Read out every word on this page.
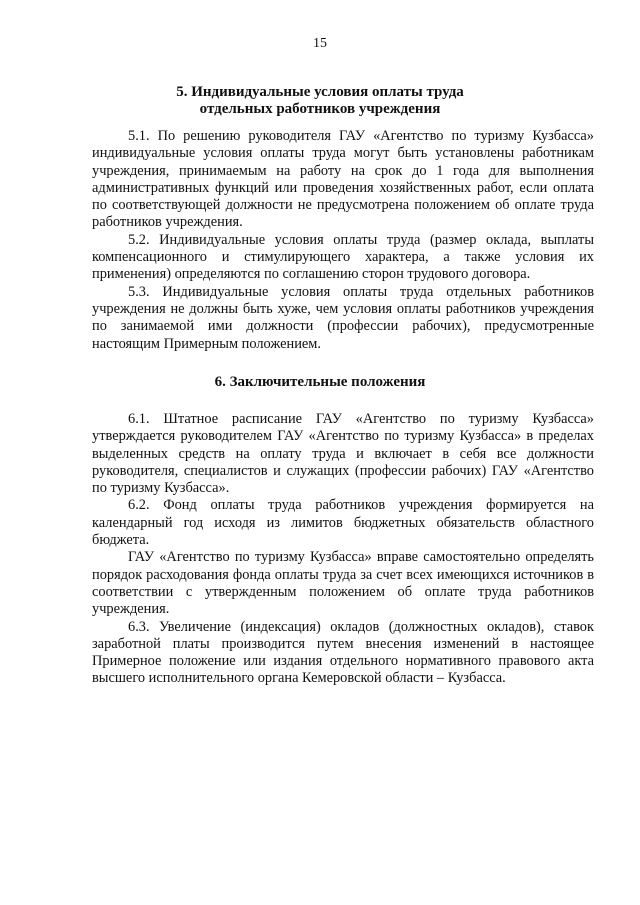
15
5. Индивидуальные условия оплаты труда
отдельных работников учреждения

5.1. По решению руководителя ГАУ «Агентство по туризму Кузбасса» индивидуальные условия оплаты труда могут быть установлены работникам учреждения, принимаемым на работу на срок до 1 года для выполнения административных функций или проведения хозяйственных работ, если оплата по соответствующей должности не предусмотрена положением об оплате труда работников учреждения.

5.2. Индивидуальные условия оплаты труда (размер оклада, выплаты компенсационного и стимулирующего характера, а также условия их применения) определяются по соглашению сторон трудового договора.

5.3. Индивидуальные условия оплаты труда отдельных работников учреждения не должны быть хуже, чем условия оплаты работников учреждения по занимаемой ими должности (профессии рабочих), предусмотренные настоящим Примерным положением.

6. Заключительные положения

6.1. Штатное расписание ГАУ «Агентство по туризму Кузбасса» утверждается руководителем ГАУ «Агентство по туризму Кузбасса» в пределах выделенных средств на оплату труда и включает в себя все должности руководителя, специалистов и служащих (профессии рабочих) ГАУ «Агентство по туризму Кузбасса».

6.2. Фонд оплаты труда работников учреждения формируется на календарный год исходя из лимитов бюджетных обязательств областного бюджета.

ГАУ «Агентство по туризму Кузбасса» вправе самостоятельно определять порядок расходования фонда оплаты труда за счет всех имеющихся источников в соответствии с утвержденным положением об оплате труда работников учреждения.

6.3. Увеличение (индексация) окладов (должностных окладов), ставок заработной платы производится путем внесения изменений в настоящее Примерное положение или издания отдельного нормативного правового акта высшего исполнительного органа Кемеровской области – Кузбасса.
